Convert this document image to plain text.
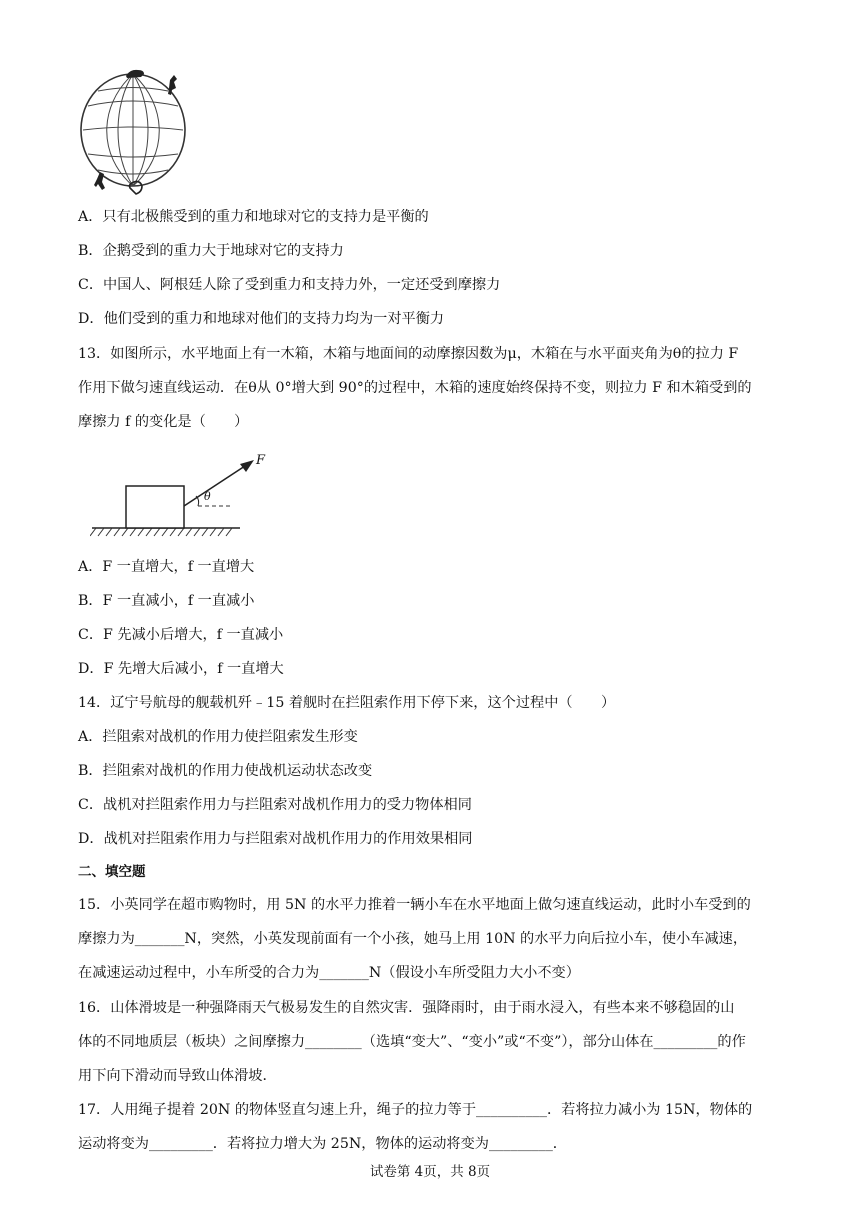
A．只有北极熊受到的重力和地球对它的支持力是平衡的
B．企鹅受到的重力大于地球对它的支持力
C．中国人、阿根廷人除了受到重力和支持力外，一定还受到摩擦力
D．他们受到的重力和地球对他们的支持力均为一对平衡力
13．如图所示，水平地面上有一木箱，木箱与地面间的动摩擦因数为μ，木箱在与水平面夹角为θ的拉力 F
作用下做匀速直线运动．在θ从 0°增大到 90°的过程中，木箱的速度始终保持不变，则拉力 F 和木箱受到的
摩擦力 f 的变化是（　　）
F
θ
A．F 一直增大，f 一直增大
B．F 一直减小，f 一直减小
C．F 先减小后增大，f 一直减小
D．F 先增大后减小，f 一直增大
14．辽宁号航母的舰载机歼﹣15 着舰时在拦阻索作用下停下来，这个过程中（　　）
A．拦阻索对战机的作用力使拦阻索发生形变
B．拦阻索对战机的作用力使战机运动状态改变
C．战机对拦阻索作用力与拦阻索对战机作用力的受力物体相同
D．战机对拦阻索作用力与拦阻索对战机作用力的作用效果相同
二、填空题
15．小英同学在超市购物时，用 5N 的水平力推着一辆小车在水平地面上做匀速直线运动，此时小车受到的
摩擦力为_______N，突然，小英发现前面有一个小孩，她马上用 10N 的水平力向后拉小车，使小车减速，
在减速运动过程中，小车所受的合力为_______N（假设小车所受阻力大小不变）
16．山体滑坡是一种强降雨天气极易发生的自然灾害．强降雨时，由于雨水浸入，有些本来不够稳固的山
体的不同地质层（板块）之间摩擦力________（选填“变大”、“变小”或“不变”），部分山体在_________的作
用下向下滑动而导致山体滑坡．
17．人用绳子提着 20N 的物体竖直匀速上升，绳子的拉力等于__________．若将拉力减小为 15N，物体的
运动将变为_________．若将拉力增大为 25N，物体的运动将变为_________．
试卷第 4页，共 8页
